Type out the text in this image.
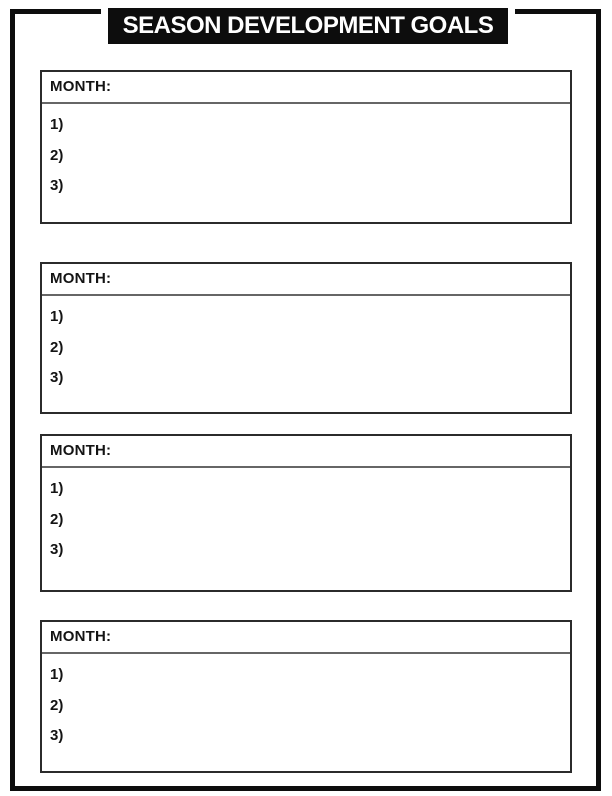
SEASON DEVELOPMENT GOALS
MONTH:
1)
2)
3)
MONTH:
1)
2)
3)
MONTH:
1)
2)
3)
MONTH:
1)
2)
3)
